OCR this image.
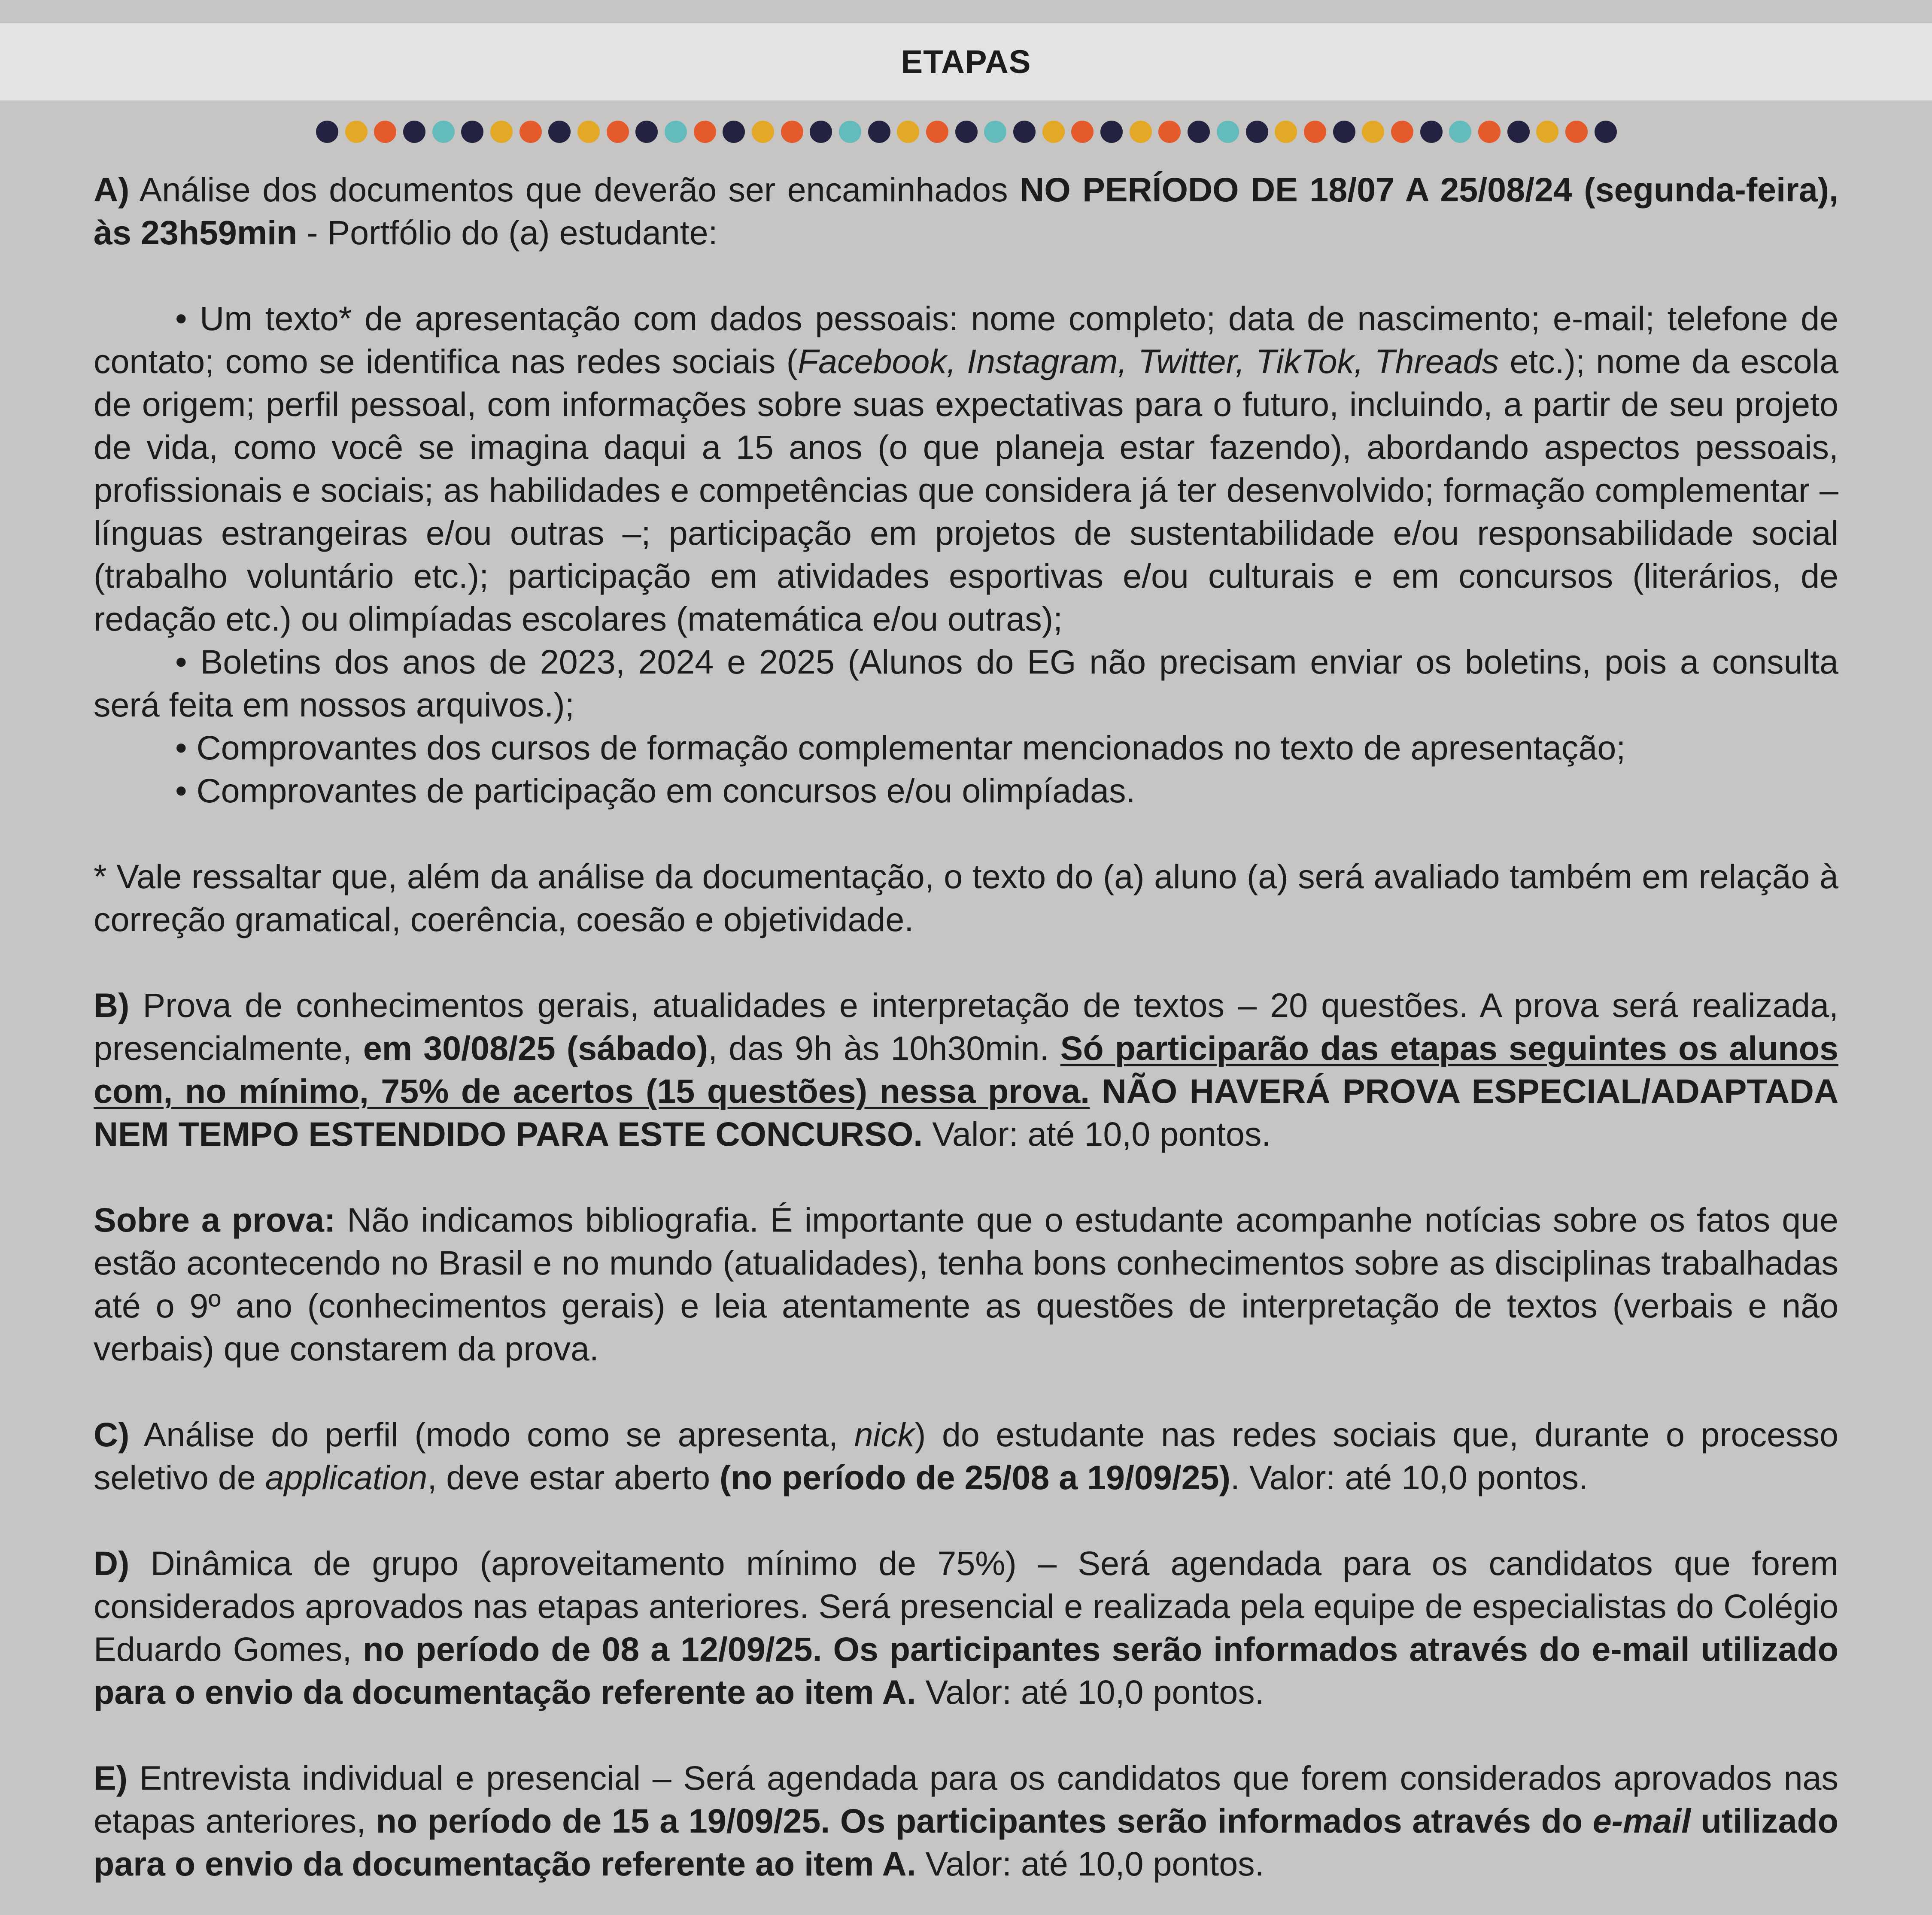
ETAPAS

A) Análise dos documentos que deverão ser encaminhados NO PERÍODO DE 18/07 A 25/08/24 (segunda-feira), às 23h59min - Portfólio do (a) estudante:

• Um texto* de apresentação com dados pessoais: nome completo; data de nascimento; e-mail; telefone de contato; como se identifica nas redes sociais (Facebook, Instagram, Twitter, TikTok, Threads etc.); nome da escola de origem; perfil pessoal, com informações sobre suas expectativas para o futuro, incluindo, a partir de seu projeto de vida, como você se imagina daqui a 15 anos (o que planeja estar fazendo), abordando aspectos pessoais, profissionais e sociais; as habilidades e competências que considera já ter desenvolvido; formação complementar – línguas estrangeiras e/ou outras –; participação em projetos de sustentabilidade e/ou responsabilidade social (trabalho voluntário etc.); participação em atividades esportivas e/ou culturais e em concursos (literários, de redação etc.) ou olimpíadas escolares (matemática e/ou outras);

• Boletins dos anos de 2023, 2024 e 2025 (Alunos do EG não precisam enviar os boletins, pois a consulta será feita em nossos arquivos.);

• Comprovantes dos cursos de formação complementar mencionados no texto de apresentação;

• Comprovantes de participação em concursos e/ou olimpíadas.

* Vale ressaltar que, além da análise da documentação, o texto do (a) aluno (a) será avaliado também em relação à correção gramatical, coerência, coesão e objetividade.

B) Prova de conhecimentos gerais, atualidades e interpretação de textos – 20 questões. A prova será realizada, presencialmente, em 30/08/25 (sábado), das 9h às 10h30min. Só participarão das etapas seguintes os alunos com, no mínimo, 75% de acertos (15 questões) nessa prova. NÃO HAVERÁ PROVA ESPECIAL/ADAPTADA NEM TEMPO ESTENDIDO PARA ESTE CONCURSO. Valor: até 10,0 pontos.

Sobre a prova: Não indicamos bibliografia. É importante que o estudante acompanhe notícias sobre os fatos que estão acontecendo no Brasil e no mundo (atualidades), tenha bons conhecimentos sobre as disciplinas trabalhadas até o 9º ano (conhecimentos gerais) e leia atentamente as questões de interpretação de textos (verbais e não verbais) que constarem da prova.

C) Análise do perfil (modo como se apresenta, nick) do estudante nas redes sociais que, durante o processo seletivo de application, deve estar aberto (no período de 25/08 a 19/09/25). Valor: até 10,0 pontos.

D) Dinâmica de grupo (aproveitamento mínimo de 75%) – Será agendada para os candidatos que forem considerados aprovados nas etapas anteriores. Será presencial e realizada pela equipe de especialistas do Colégio Eduardo Gomes, no período de 08 a 12/09/25. Os participantes serão informados através do e-mail utilizado para o envio da documentação referente ao item A. Valor: até 10,0 pontos.

E) Entrevista individual e presencial – Será agendada para os candidatos que forem considerados aprovados nas etapas anteriores, no período de 15 a 19/09/25. Os participantes serão informados através do e-mail utilizado para o envio da documentação referente ao item A. Valor: até 10,0 pontos.
